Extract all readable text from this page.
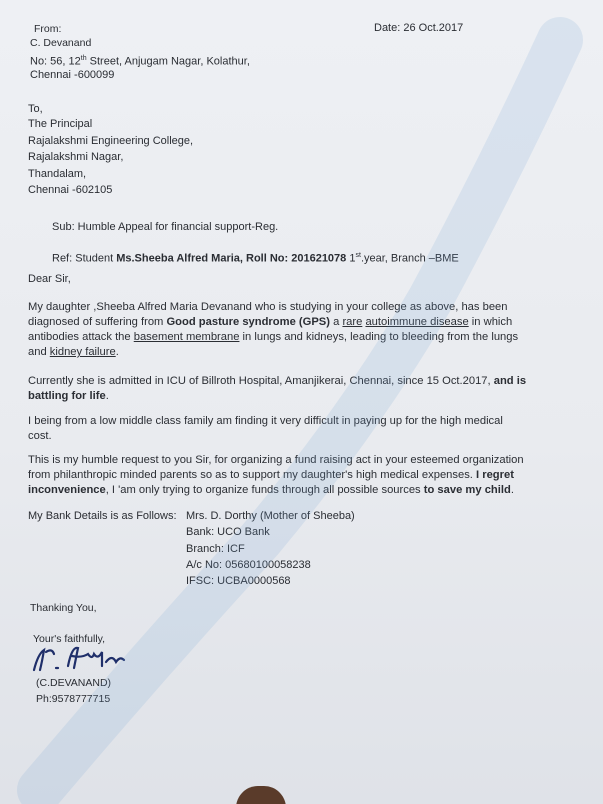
From:
C. Devanand
No: 56, 12th Street, Anjugam Nagar, Kolathur,
Chennai -600099
Date: 26 Oct.2017
To,
The Principal
Rajalakshmi Engineering College,
Rajalakshmi Nagar,
Thandalam,
Chennai -602105
Sub: Humble Appeal for financial support-Reg.
Ref: Student Ms.Sheeba Alfred Maria, Roll No: 201621078 1st.year, Branch –BME
Dear Sir,
My daughter ,Sheeba Alfred Maria Devanand who is studying in your college as above, has been diagnosed of suffering from Good pasture syndrome (GPS) a rare autoimmune disease in which antibodies attack the basement membrane in lungs and kidneys, leading to bleeding from the lungs and kidney failure.
Currently she is admitted in ICU of Billroth Hospital, Amanjikerai, Chennai, since 15 Oct.2017, and is battling for life.
I being from a low middle class family am finding it very difficult in paying up for the high medical cost.
This is my humble request to you Sir, for organizing a fund raising act in your esteemed organization from philanthropic minded parents so as to support my daughter's high medical expenses. I regret inconvenience, I 'am only trying to organize funds through all possible sources to save my child.
My Bank Details is as Follows: Mrs. D. Dorthy (Mother of Sheeba)
Bank: UCO Bank
Branch: ICF
A/c No: 05680100058238
IFSC: UCBA0000568
Thanking You,
Your's faithfully,
(C.DEVANAND)
Ph:9578777715
